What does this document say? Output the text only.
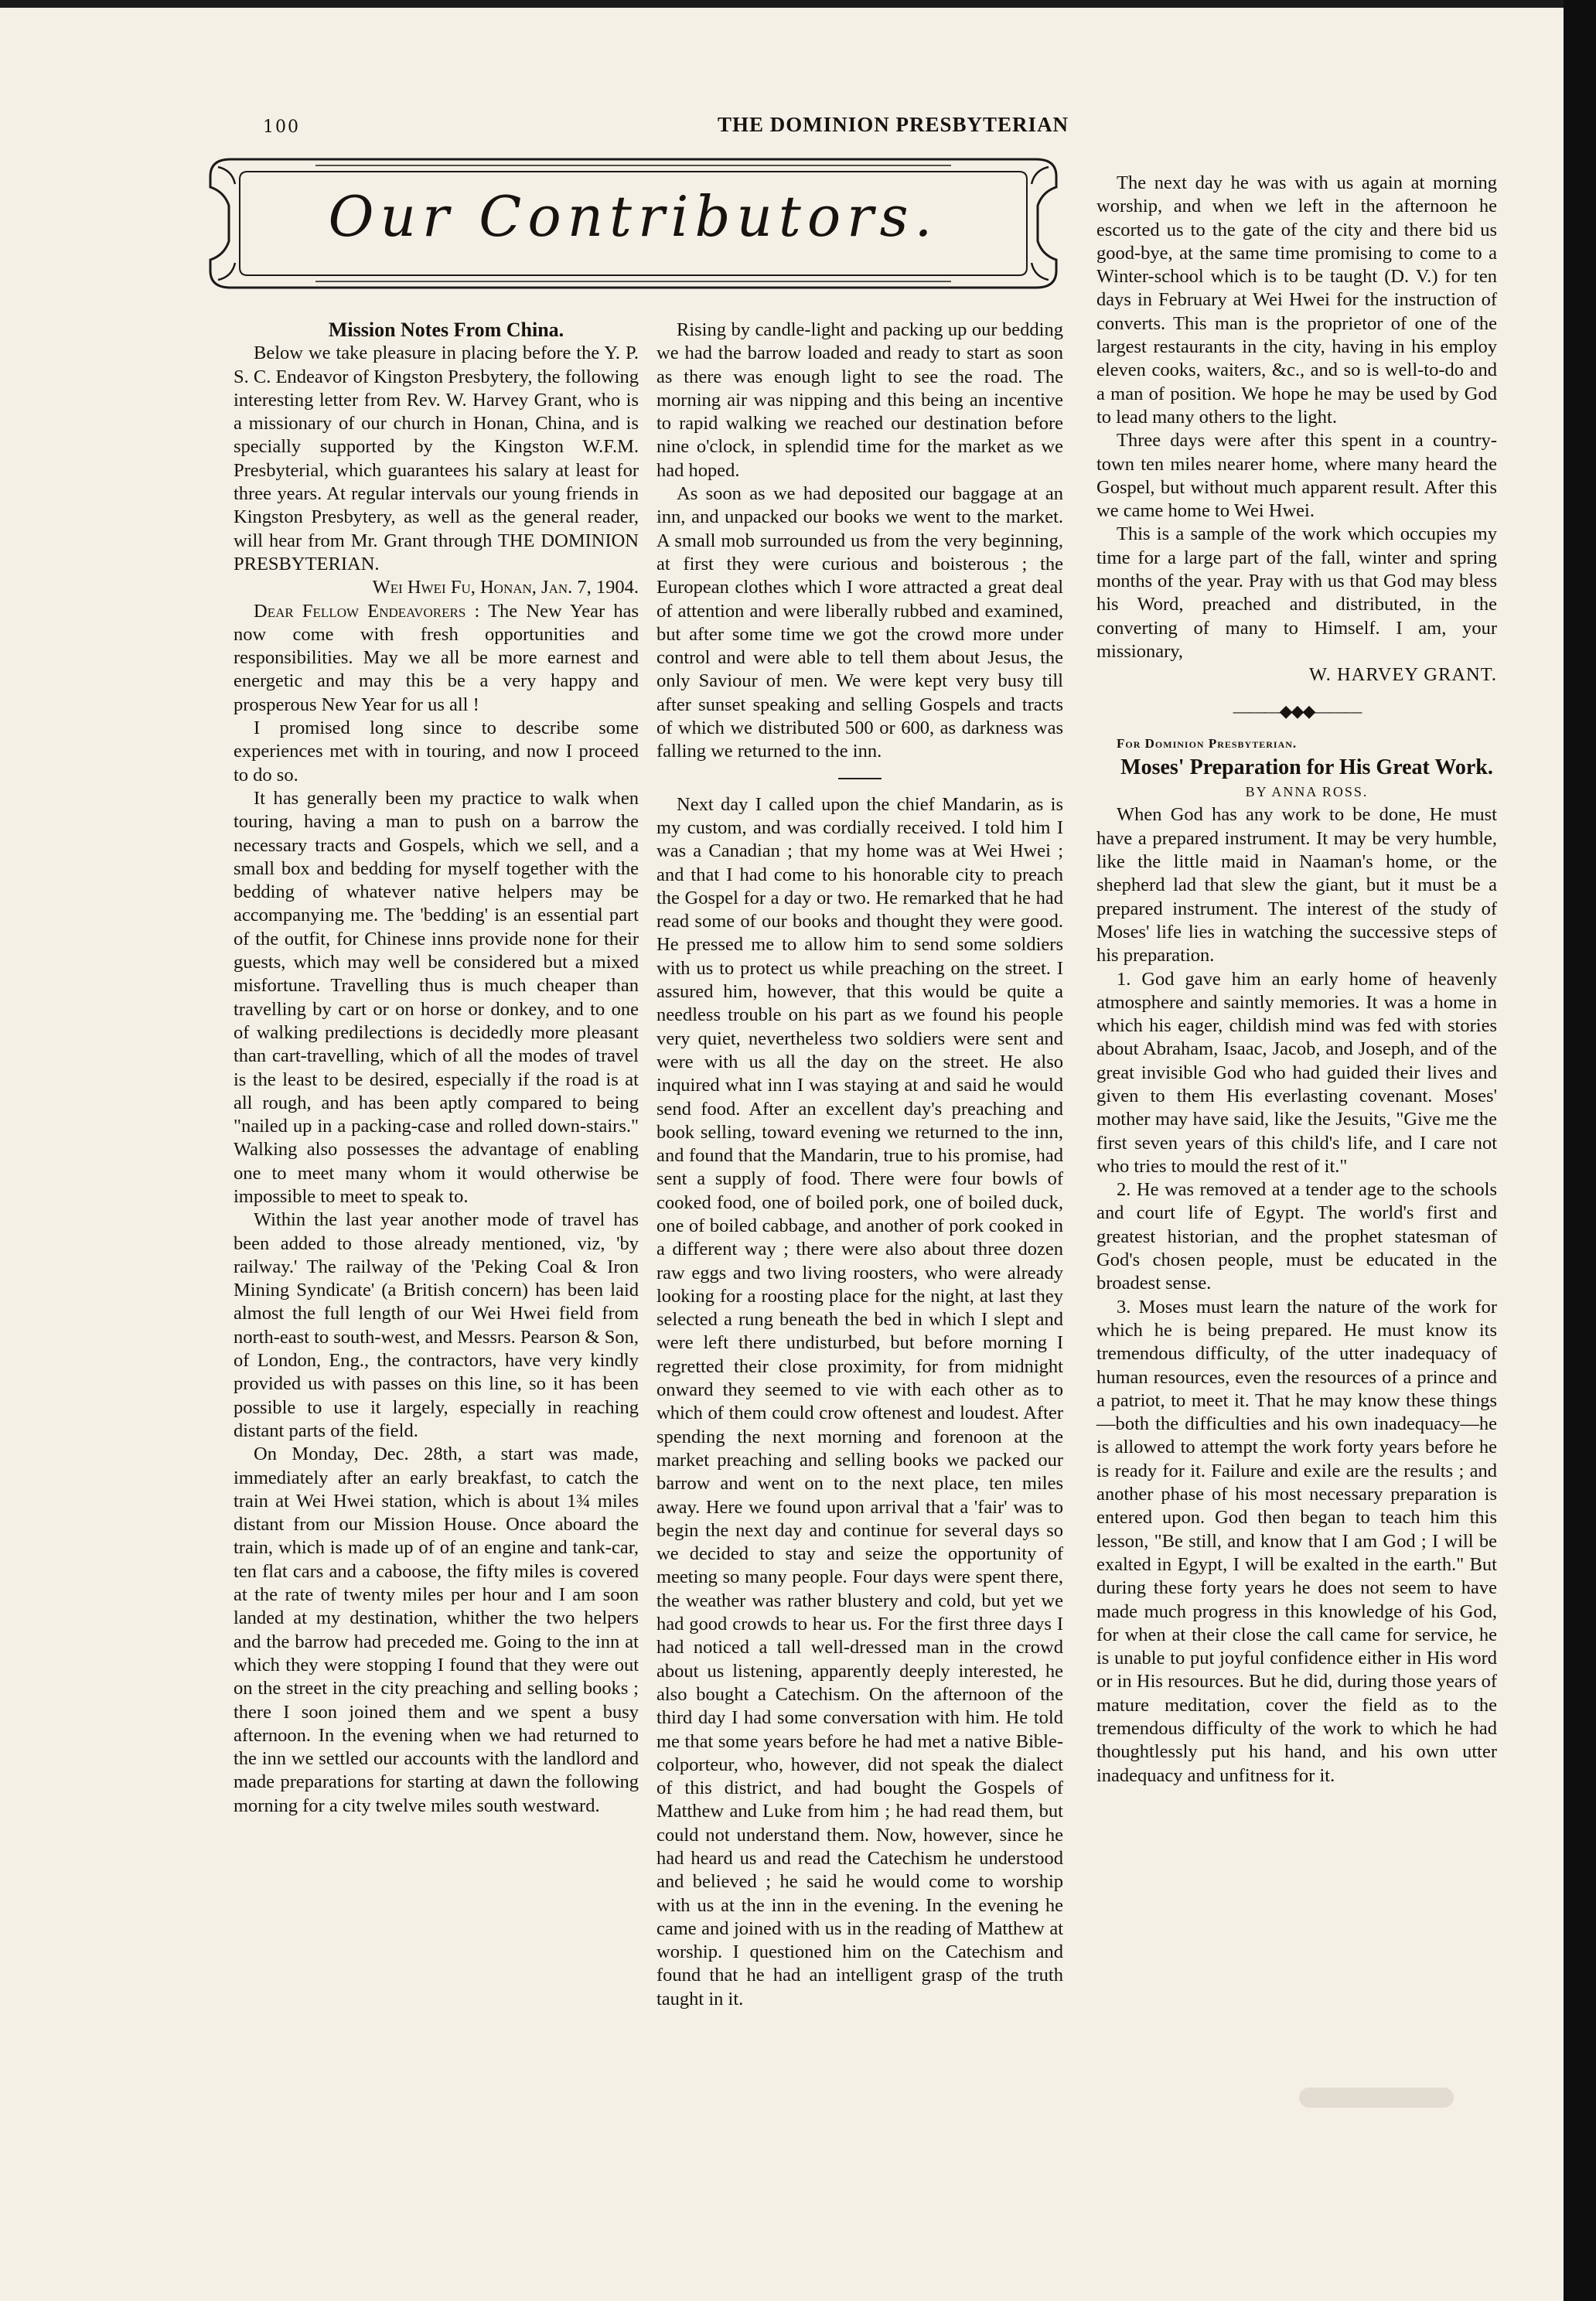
100	THE DOMINION PRESBYTERIAN
Our Contributors.

Mission Notes From China.

Below we take pleasure in placing before the Y. P. S. C. Endeavor of Kingston Presbytery, the following interesting letter from Rev. W. Harvey Grant, who is a missionary of our church in Honan, China, and is specially supported by the Kingston W.F.M. Presbyterial, which guarantees his salary at least for three years. At regular intervals our young friends in Kingston Presbytery, as well as the general reader, will hear from Mr. Grant through THE DOMINION PRESBYTERIAN.

Wei Hwei Fu, Honan, Jan. 7, 1904.

Dear Fellow Endeavorers : The New Year has now come with fresh opportunities and responsibilities. May we all be more earnest and energetic and may this be a very happy and prosperous New Year for us all !

I promised long since to describe some experiences met with in touring, and now I proceed to do so.

It has generally been my practice to walk when touring, having a man to push on a barrow the necessary tracts and Gospels, which we sell, and a small box and bedding for myself together with the bedding of whatever native helpers may be accompanying me. The 'bedding' is an essential part of the outfit, for Chinese inns provide none for their guests, which may well be considered but a mixed misfortune. Travelling thus is much cheaper than travelling by cart or on horse or donkey, and to one of walking predilections is decidedly more pleasant than cart-travelling, which of all the modes of travel is the least to be desired, especially if the road is at all rough, and has been aptly compared to being "nailed up in a packing-case and rolled down-stairs." Walking also possesses the advantage of enabling one to meet many whom it would otherwise be impossible to meet to speak to.

Within the last year another mode of travel has been added to those already mentioned, viz, 'by railway.' The railway of the 'Peking Coal & Iron Mining Syndicate' (a British concern) has been laid almost the full length of our Wei Hwei field from north-east to south-west, and Messrs. Pearson & Son, of London, Eng., the contractors, have very kindly provided us with passes on this line, so it has been possible to use it largely, especially in reaching distant parts of the field.

On Monday, Dec. 28th, a start was made, immediately after an early breakfast, to catch the train at Wei Hwei station, which is about 1¾ miles distant from our Mission House. Once aboard the train, which is made up of of an engine and tank-car, ten flat cars and a caboose, the fifty miles is covered at the rate of twenty miles per hour and I am soon landed at my destination, whither the two helpers and the barrow had preceded me. Going to the inn at which they were stopping I found that they were out on the street in the city preaching and selling books ; there I soon joined them and we spent a busy afternoon. In the evening when we had returned to the inn we settled our accounts with the landlord and made preparations for starting at dawn the following morning for a city twelve miles south westward.

Rising by candle-light and packing up our bedding we had the barrow loaded and ready to start as soon as there was enough light to see the road. The morning air was nipping and this being an incentive to rapid walking we reached our destination before nine o'clock, in splendid time for the market as we had hoped.

As soon as we had deposited our baggage at an inn, and unpacked our books we went to the market. A small mob surrounded us from the very beginning, at first they were curious and boisterous ; the European clothes which I wore attracted a great deal of attention and were liberally rubbed and examined, but after some time we got the crowd more under control and were able to tell them about Jesus, the only Saviour of men. We were kept very busy till after sunset speaking and selling Gospels and tracts of which we distributed 500 or 600, as darkness was falling we returned to the inn.

Next day I called upon the chief Mandarin, as is my custom, and was cordially received. I told him I was a Canadian ; that my home was at Wei Hwei ; and that I had come to his honorable city to preach the Gospel for a day or two. He remarked that he had read some of our books and thought they were good. He pressed me to allow him to send some soldiers with us to protect us while preaching on the street. I assured him, however, that this would be quite a needless trouble on his part as we found his people very quiet, nevertheless two soldiers were sent and were with us all the day on the street. He also inquired what inn I was staying at and said he would send food. After an excellent day's preaching and book selling, toward evening we returned to the inn, and found that the Mandarin, true to his promise, had sent a supply of food. There were four bowls of cooked food, one of boiled pork, one of boiled duck, one of boiled cabbage, and another of pork cooked in a different way ; there were also about three dozen raw eggs and two living roosters, who were already looking for a roosting place for the night, at last they selected a rung beneath the bed in which I slept and were left there undisturbed, but before morning I regretted their close proximity, for from midnight onward they seemed to vie with each other as to which of them could crow oftenest and loudest. After spending the next morning and forenoon at the market preaching and selling books we packed our barrow and went on to the next place, ten miles away. Here we found upon arrival that a 'fair' was to begin the next day and continue for several days so we decided to stay and seize the opportunity of meeting so many people. Four days were spent there, the weather was rather blustery and cold, but yet we had good crowds to hear us. For the first three days I had noticed a tall well-dressed man in the crowd about us listening, apparently deeply interested, he also bought a Catechism. On the afternoon of the third day I had some conversation with him. He told me that some years before he had met a native Bible-colporteur, who, however, did not speak the dialect of this district, and had bought the Gospels of Matthew and Luke from him ; he had read them, but could not understand them. Now, however, since he had heard us and read the Catechism he understood and believed ; he said he would come to worship with us at the inn in the evening. In the evening he came and joined with us in the reading of Matthew at worship. I questioned him on the Catechism and found that he had an intelligent grasp of the truth taught in it.

The next day he was with us again at morning worship, and when we left in the afternoon he escorted us to the gate of the city and there bid us good-bye, at the same time promising to come to a Winter-school which is to be taught (D. V.) for ten days in February at Wei Hwei for the instruction of converts. This man is the proprietor of one of the largest restaurants in the city, having in his employ eleven cooks, waiters, &c., and so is well-to-do and a man of position. We hope he may be used by God to lead many others to the light.

Three days were after this spent in a country-town ten miles nearer home, where many heard the Gospel, but without much apparent result. After this we came home to Wei Hwei.

This is a sample of the work which occupies my time for a large part of the fall, winter and spring months of the year. Pray with us that God may bless his Word, preached and distributed, in the converting of many to Himself. I am, your missionary,

W. HARVEY GRANT.

———◆◆◆———

For Dominion Presbyterian.

Moses' Preparation for His Great Work.

BY ANNA ROSS.

When God has any work to be done, He must have a prepared instrument. It may be very humble, like the little maid in Naaman's home, or the shepherd lad that slew the giant, but it must be a prepared instrument. The interest of the study of Moses' life lies in watching the successive steps of his preparation.

1. God gave him an early home of heavenly atmosphere and saintly memories. It was a home in which his eager, childish mind was fed with stories about Abraham, Isaac, Jacob, and Joseph, and of the great invisible God who had guided their lives and given to them His everlasting covenant. Moses' mother may have said, like the Jesuits, "Give me the first seven years of this child's life, and I care not who tries to mould the rest of it."

2. He was removed at a tender age to the schools and court life of Egypt. The world's first and greatest historian, and the prophet statesman of God's chosen people, must be educated in the broadest sense.

3. Moses must learn the nature of the work for which he is being prepared. He must know its tremendous difficulty, of the utter inadequacy of human resources, even the resources of a prince and a patriot, to meet it. That he may know these things—both the difficulties and his own inadequacy—he is allowed to attempt the work forty years before he is ready for it. Failure and exile are the results ; and another phase of his most necessary preparation is entered upon. God then began to teach him this lesson, "Be still, and know that I am God ; I will be exalted in Egypt, I will be exalted in the earth." But during these forty years he does not seem to have made much progress in this knowledge of his God, for when at their close the call came for service, he is unable to put joyful confidence either in His word or in His resources. But he did, during those years of mature meditation, cover the field as to the tremendous difficulty of the work to which he had thoughtlessly put his hand, and his own utter inadequacy and unfitness for it.
